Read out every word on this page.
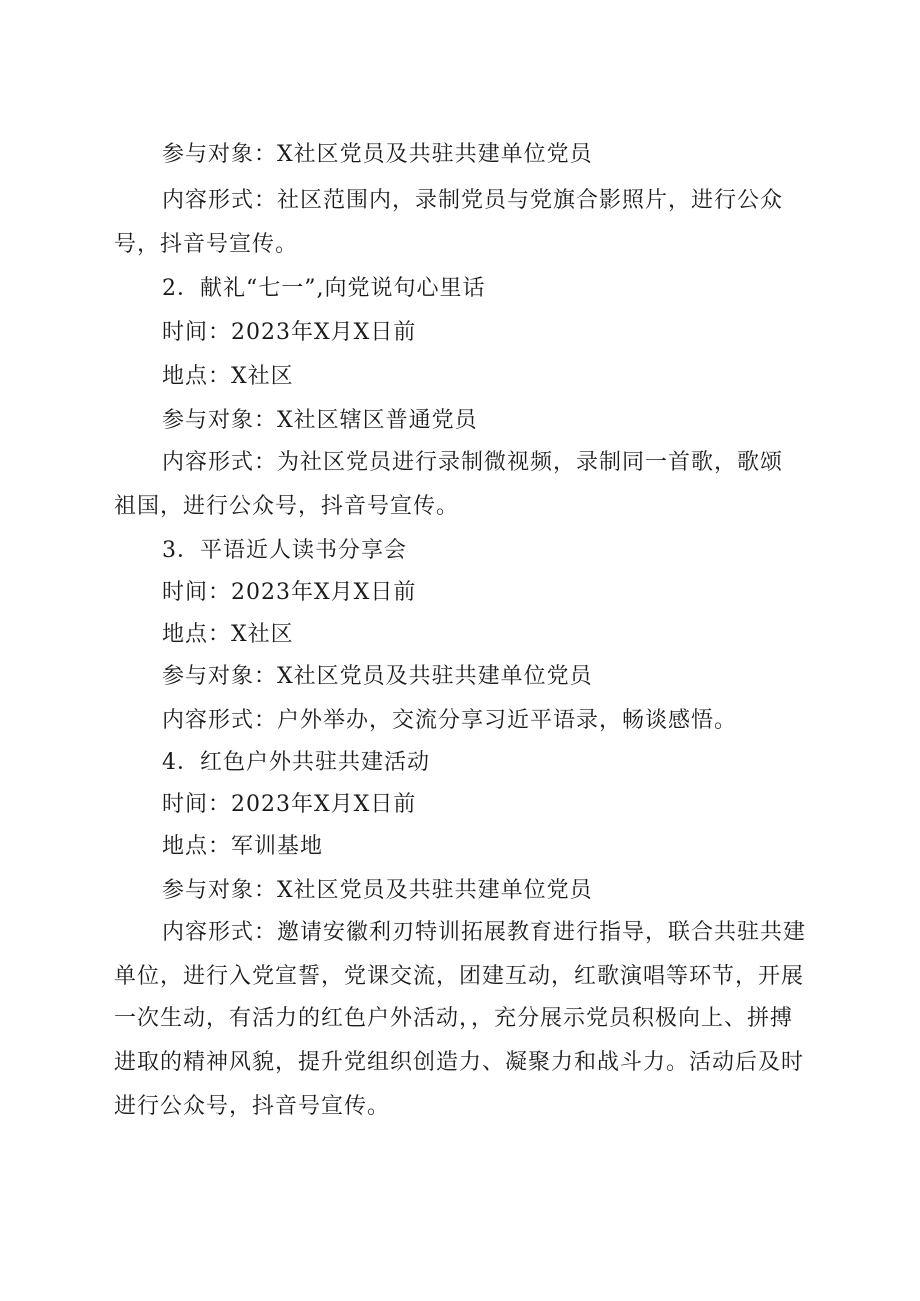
参与对象：X社区党员及共驻共建单位党员
内容形式：社区范围内，录制党员与党旗合影照片，进行公众
号，抖音号宣传。
2．献礼“七一”,向党说句心里话
时间：2023年X月X日前
地点：X社区
参与对象：X社区辖区普通党员
内容形式：为社区党员进行录制微视频，录制同一首歌，歌颂
祖国，进行公众号，抖音号宣传。
3．平语近人读书分享会
时间：2023年X月X日前
地点：X社区
参与对象：X社区党员及共驻共建单位党员
内容形式：户外举办，交流分享习近平语录，畅谈感悟。
4．红色户外共驻共建活动
时间：2023年X月X日前
地点：军训基地
参与对象：X社区党员及共驻共建单位党员
内容形式：邀请安徽利刃特训拓展教育进行指导，联合共驻共建
单位，进行入党宣誓，党课交流，团建互动，红歌演唱等环节，开展
一次生动，有活力的红色户外活动，，充分展示党员积极向上、拼搏
进取的精神风貌，提升党组织创造力、凝聚力和战斗力。活动后及时
进行公众号，抖音号宣传。
